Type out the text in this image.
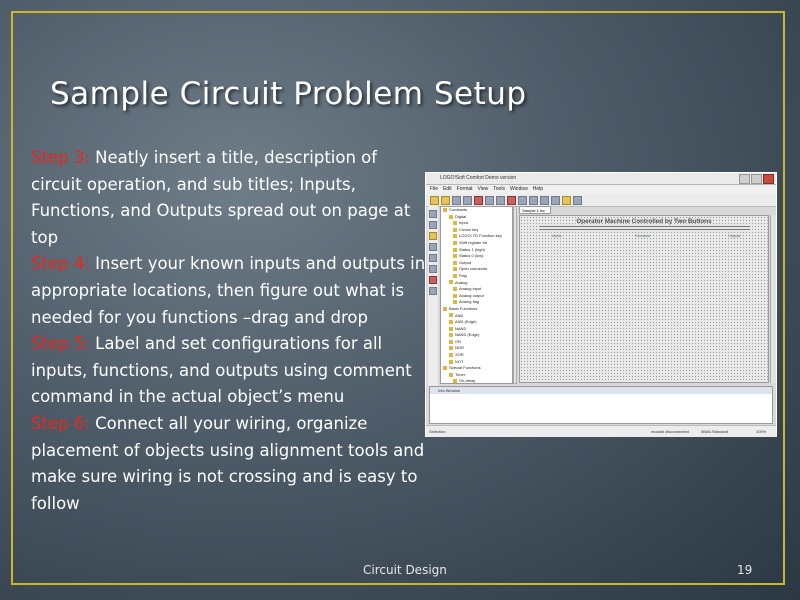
Sample Circuit Problem Setup
Step 3: Neatly insert a title, description of circuit operation, and sub titles; Inputs, Functions, and Outputs spread out on page at top
Step 4: Insert your known inputs and outputs in appropriate locations, then figure out what is needed for you functions –drag and drop
Step 5: Label and set configurations for all inputs, functions, and outputs using comment command in the actual object’s menu
Step 6: Connect all your wiring, organize placement of objects using alignment tools and make sure wiring is not crossing and is easy to follow
LOGO!Soft Comfort Demo version
File Edit Format View Tools Window Help
Constants
Digital
Input
Cursor key
LOGO! TD Function key
Shift register bit
Status 1 (high)
Status 0 (low)
Output
Open connector
Flag
Analog
Analog input
Analog output
Analog flag
Basic Functions
AND
AND (Edge)
NAND
NAND (Edge)
OR
NOR
XOR
NOT
Special Functions
Timer
On-delay
Sample 1.lsc
Operator Machine Controlled by Two Buttons
Inputs	Functions	Outputs
Info Window
Selection	module disconnected	0BA6.Standard	100%
Circuit Design	19
